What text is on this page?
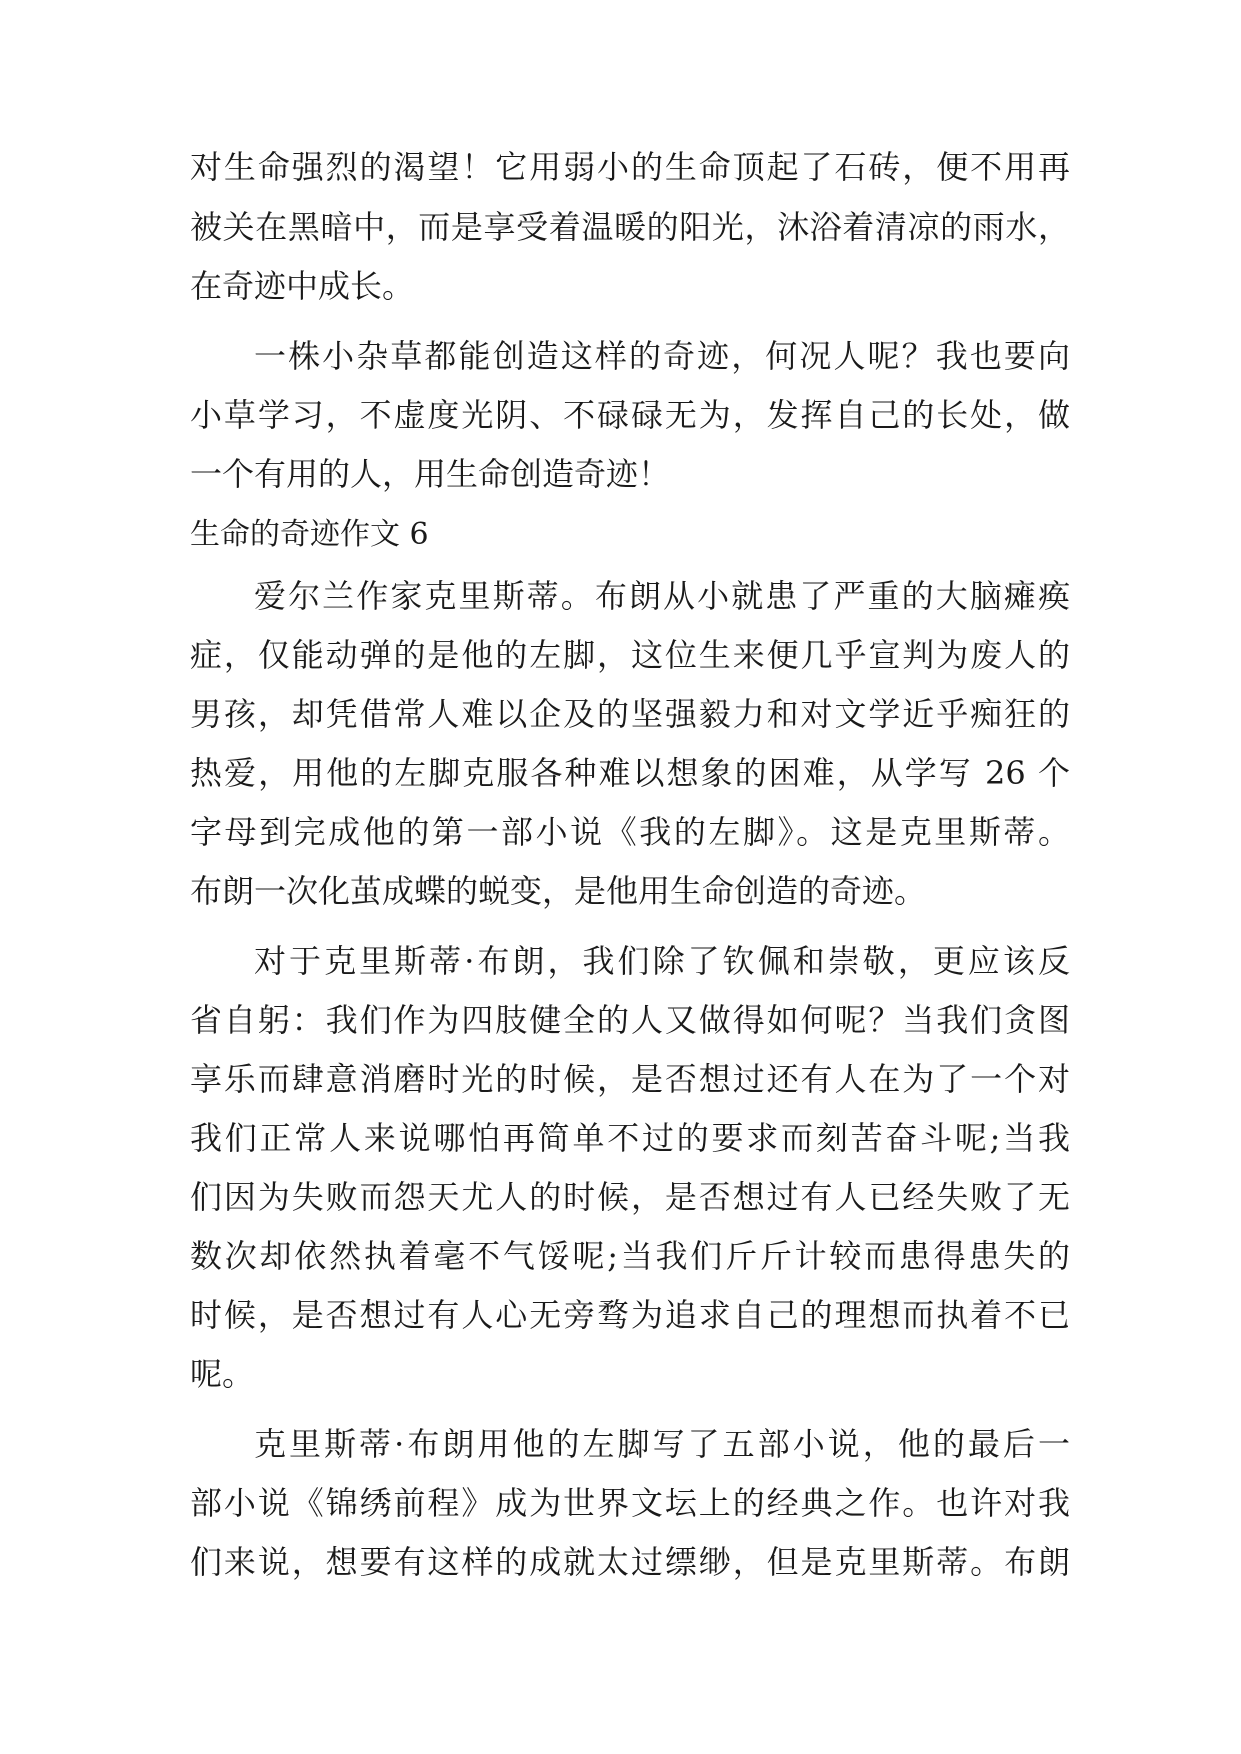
对生命强烈的渴望！它用弱小的生命顶起了石砖，便不用再
被关在黑暗中，而是享受着温暖的阳光，沐浴着清凉的雨水，
在奇迹中成长。
一株小杂草都能创造这样的奇迹，何况人呢？我也要向
小草学习，不虚度光阴、不碌碌无为，发挥自己的长处，做
一个有用的人，用生命创造奇迹！
生命的奇迹作文 6
爱尔兰作家克里斯蒂。布朗从小就患了严重的大脑瘫痪
症，仅能动弹的是他的左脚，这位生来便几乎宣判为废人的
男孩，却凭借常人难以企及的坚强毅力和对文学近乎痴狂的
热爱，用他的左脚克服各种难以想象的困难，从学写 26 个
字母到完成他的第一部小说《我的左脚》。这是克里斯蒂。
布朗一次化茧成蝶的蜕变，是他用生命创造的奇迹。
对于克里斯蒂·布朗，我们除了钦佩和崇敬，更应该反
省自躬：我们作为四肢健全的人又做得如何呢？当我们贪图
享乐而肆意消磨时光的时候，是否想过还有人在为了一个对
我们正常人来说哪怕再简单不过的要求而刻苦奋斗呢;当我
们因为失败而怨天尤人的时候，是否想过有人已经失败了无
数次却依然执着毫不气馁呢;当我们斤斤计较而患得患失的
时候，是否想过有人心无旁骛为追求自己的理想而执着不已
呢。
克里斯蒂·布朗用他的左脚写了五部小说，他的最后一
部小说《锦绣前程》成为世界文坛上的经典之作。也许对我
们来说，想要有这样的成就太过缥缈，但是克里斯蒂。布朗
